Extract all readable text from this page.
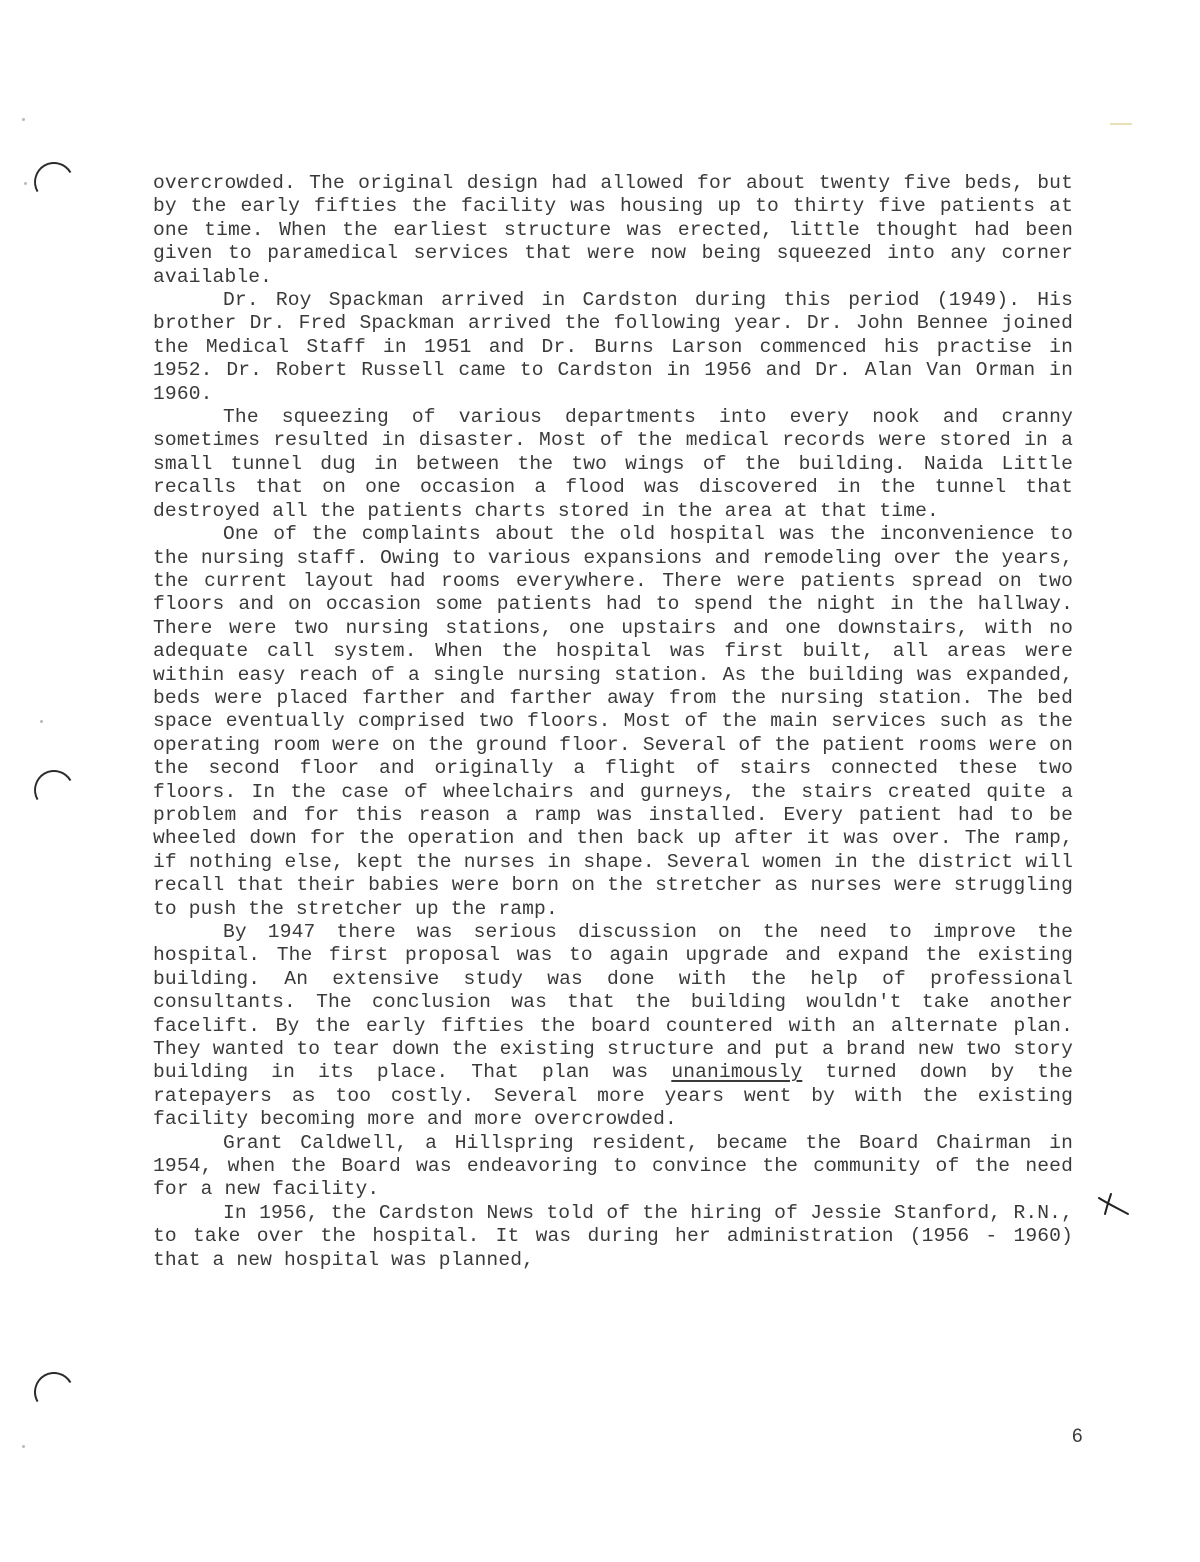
overcrowded. The original design had allowed for about twenty five beds, but by the early fifties the facility was housing up to thirty five patients at one time. When the earliest structure was erected, little thought had been given to paramedical services that were now being squeezed into any corner available.

Dr. Roy Spackman arrived in Cardston during this period (1949). His brother Dr. Fred Spackman arrived the following year. Dr. John Bennee joined the Medical Staff in 1951 and Dr. Burns Larson commenced his practise in 1952. Dr. Robert Russell came to Cardston in 1956 and Dr. Alan Van Orman in 1960.

The squeezing of various departments into every nook and cranny sometimes resulted in disaster. Most of the medical records were stored in a small tunnel dug in between the two wings of the building. Naida Little recalls that on one occasion a flood was discovered in the tunnel that destroyed all the patients charts stored in the area at that time.

One of the complaints about the old hospital was the inconvenience to the nursing staff. Owing to various expansions and remodeling over the years, the current layout had rooms everywhere. There were patients spread on two floors and on occasion some patients had to spend the night in the hallway. There were two nursing stations, one upstairs and one downstairs, with no adequate call system. When the hospital was first built, all areas were within easy reach of a single nursing station. As the building was expanded, beds were placed farther and farther away from the nursing station. The bed space eventually comprised two floors. Most of the main services such as the operating room were on the ground floor. Several of the patient rooms were on the second floor and originally a flight of stairs connected these two floors. In the case of wheelchairs and gurneys, the stairs created quite a problem and for this reason a ramp was installed. Every patient had to be wheeled down for the operation and then back up after it was over. The ramp, if nothing else, kept the nurses in shape. Several women in the district will recall that their babies were born on the stretcher as nurses were struggling to push the stretcher up the ramp.

By 1947 there was serious discussion on the need to improve the hospital. The first proposal was to again upgrade and expand the existing building. An extensive study was done with the help of professional consultants. The conclusion was that the building wouldn't take another facelift. By the early fifties the board countered with an alternate plan. They wanted to tear down the existing structure and put a brand new two story building in its place. That plan was unanimously turned down by the ratepayers as too costly. Several more years went by with the existing facility becoming more and more overcrowded.

Grant Caldwell, a Hillspring resident, became the Board Chairman in 1954, when the Board was endeavoring to convince the community of the need for a new facility.

In 1956, the Cardston News told of the hiring of Jessie Stanford, R.N., to take over the hospital. It was during her administration (1956 - 1960) that a new hospital was planned,

6
